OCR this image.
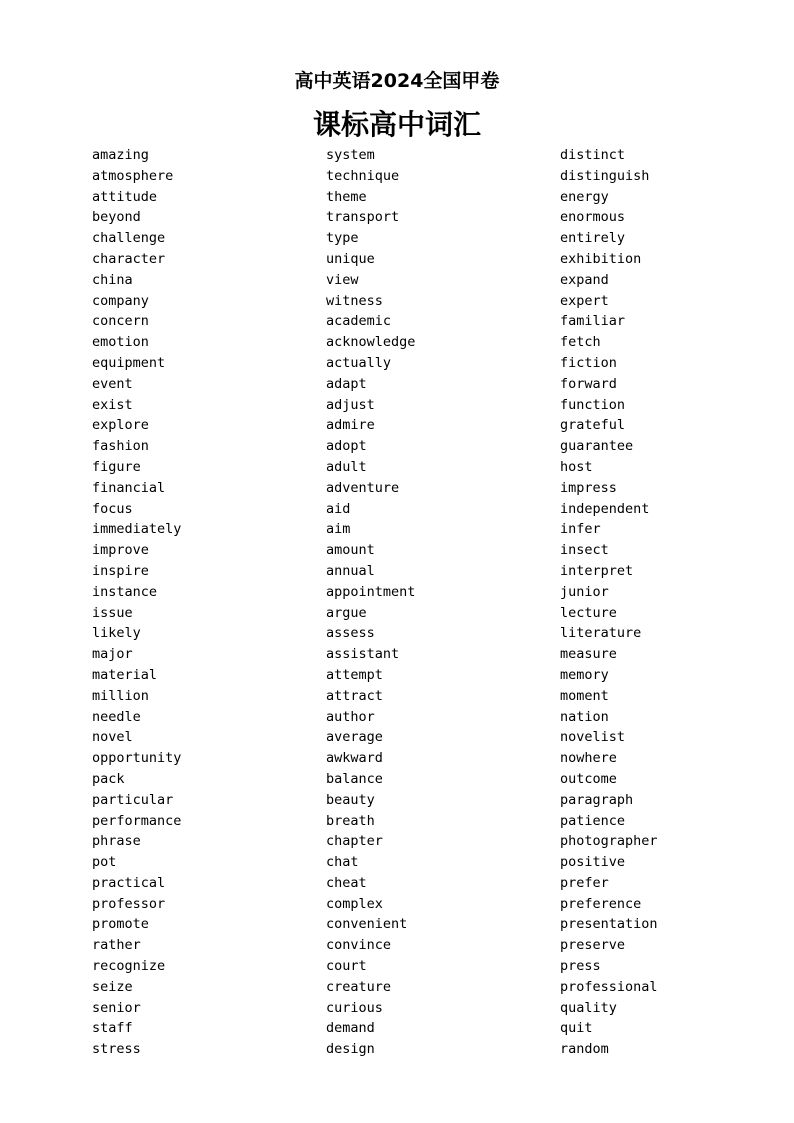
高中英语2024全国甲卷
课标高中词汇
amazing
atmosphere
attitude
beyond
challenge
character
china
company
concern
emotion
equipment
event
exist
explore
fashion
figure
financial
focus
immediately
improve
inspire
instance
issue
likely
major
material
million
needle
novel
opportunity
pack
particular
performance
phrase
pot
practical
professor
promote
rather
recognize
seize
senior
staff
stress
system
technique
theme
transport
type
unique
view
witness
academic
acknowledge
actually
adapt
adjust
admire
adopt
adult
adventure
aid
aim
amount
annual
appointment
argue
assess
assistant
attempt
attract
author
average
awkward
balance
beauty
breath
chapter
chat
cheat
complex
convenient
convince
court
creature
curious
demand
design
distinct
distinguish
energy
enormous
entirely
exhibition
expand
expert
familiar
fetch
fiction
forward
function
grateful
guarantee
host
impress
independent
infer
insect
interpret
junior
lecture
literature
measure
memory
moment
nation
novelist
nowhere
outcome
paragraph
patience
photographer
positive
prefer
preference
presentation
preserve
press
professional
quality
quit
random
